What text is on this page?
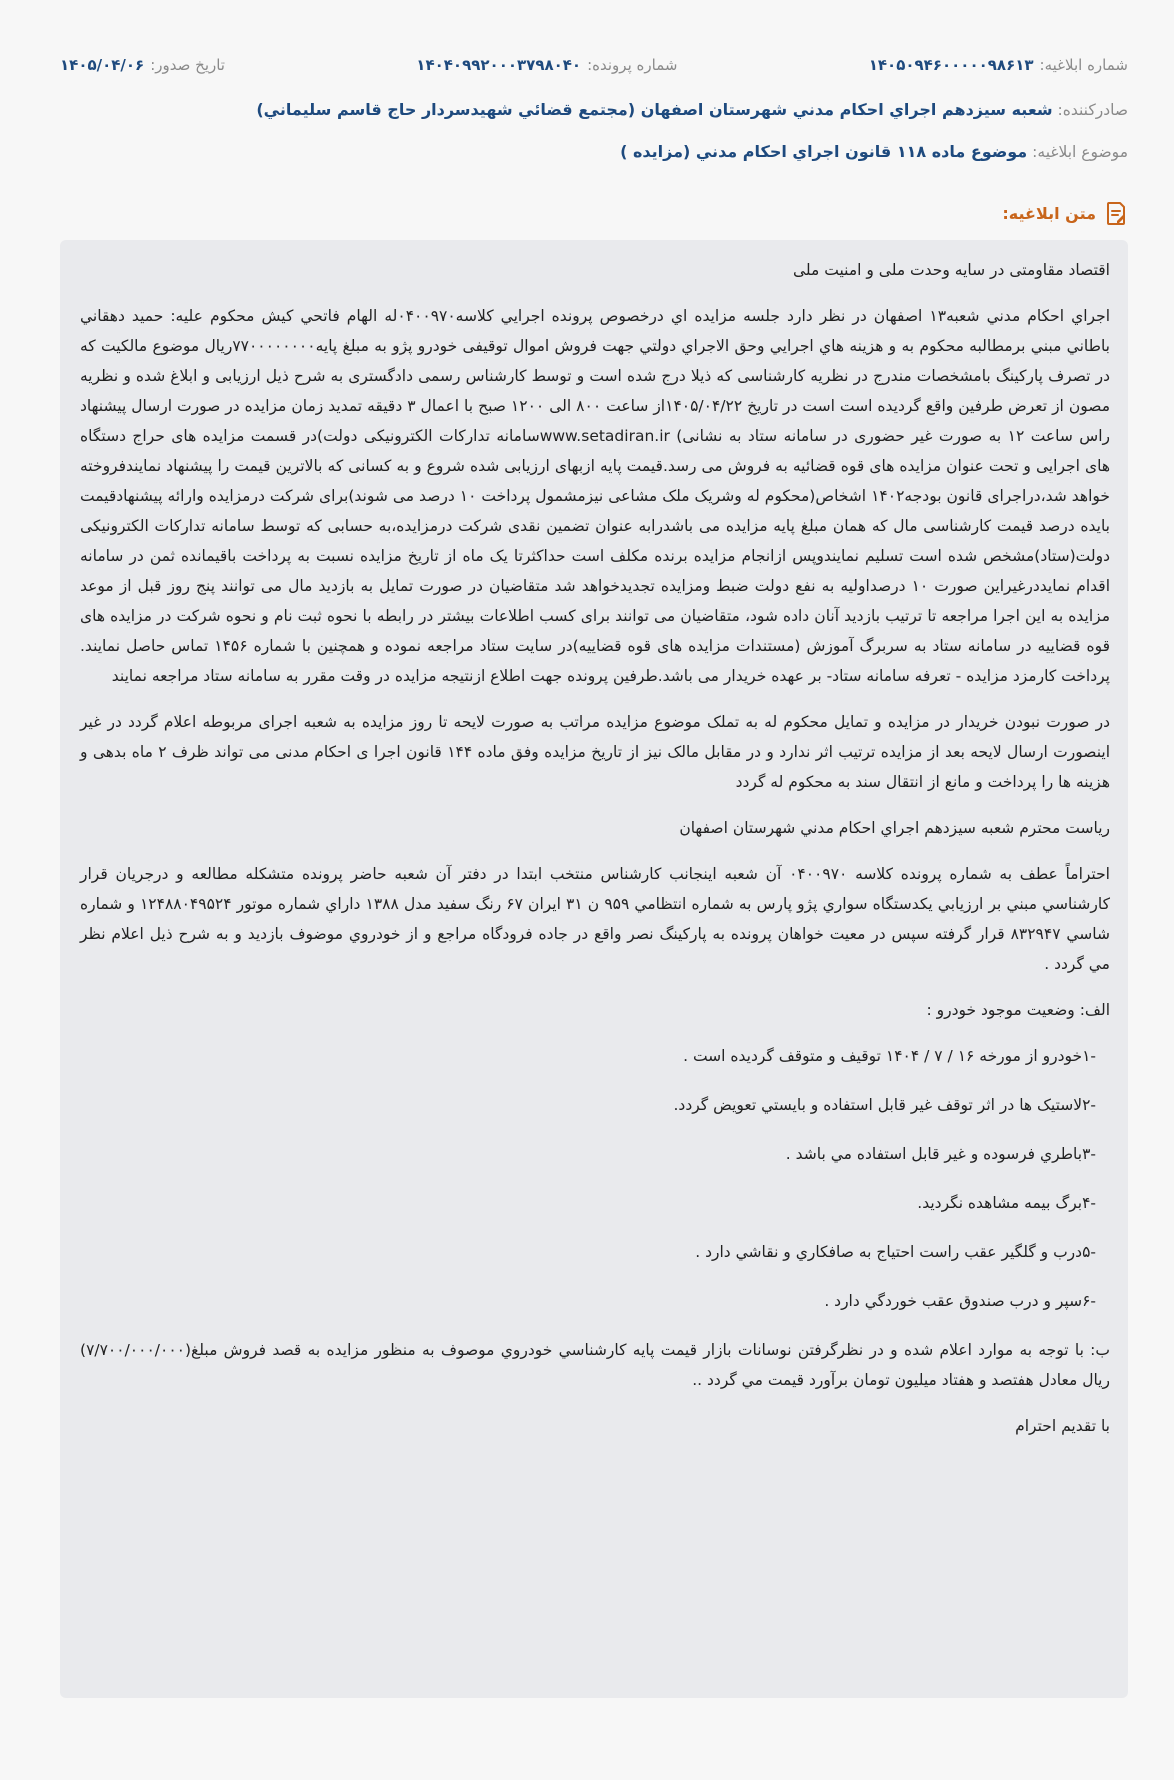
شماره ابلاغیه:
۱۴۰۵۰۹۴۶۰۰۰۰۰۹۸۶۱۳
شماره پرونده:
۱۴۰۴۰۹۹۲۰۰۰۳۷۹۸۰۴۰
تاریخ صدور:
۱۴۰۵/۰۴/۰۶
صادرکننده: شعبه سيزدهم اجراي احكام مدني شهرستان اصفهان (مجتمع قضائي شهيدسردار حاج قاسم سليماني)
موضوع ابلاغیه: موضوع ماده ۱۱۸ قانون اجراي احكام مدني (مزايده )
متن ابلاغیه:

اقتصاد مقاومتی در سایه وحدت ملی و امنیت ملی

اجراي احكام مدني شعبه۱۳ اصفهان در نظر دارد جلسه مزايده اي درخصوص پرونده اجرايي كلاسه۰۴۰۰۹۷۰له الهام فاتحي كيش محكوم عليه: حميد دهقاني باطاني مبني برمطالبه محكوم به و هزينه هاي اجرايي وحق الاجراي دولتي جهت فروش اموال توقيفی خودرو پژو به مبلغ پايه۷۷۰۰۰۰۰۰۰۰ريال موضوع مالكيت كه در تصرف پاركينگ بامشخصات مندرج در نظريه كارشناسی كه ذيلا درج شده است و توسط كارشناس رسمی دادگستری به شرح ذيل ارزيابی و ابلاغ شده و نظريه مصون از تعرض طرفين واقع گرديده است است در تاريخ ۱۴۰۵/۰۴/۲۲از ساعت ۸۰۰ الی ۱۲۰۰ صبح با اعمال ۳ دقيقه تمديد زمان مزايده در صورت ارسال پيشنهاد راس ساعت ۱۲ به صورت غير حضوری در سامانه ستاد به نشانی) www.setadiran.irسامانه تداركات الكترونيكی دولت)در قسمت مزايده های حراج دستگاه های اجرايی و تحت عنوان مزايده های قوه قضائيه به فروش می رسد.قيمت پايه ازبهای ارزيابی شده شروع و به كسانی كه بالاترين قيمت را پيشنهاد نمايندفروخته خواهد شد،دراجرای قانون بودجه۱۴۰۲ اشخاص(محكوم له وشريک ملک مشاعی نيزمشمول پرداخت ۱۰ درصد می شوند)برای شركت درمزايده وارائه پيشنهادقيمت بايده درصد قيمت كارشناسی مال كه همان مبلغ پايه مزايده می باشدرابه عنوان تضمين نقدی شركت درمزايده،به حسابی كه توسط سامانه تداركات الكترونيكی دولت(ستاد)مشخص شده است تسليم نمايندوپس ازانجام مزايده برنده مكلف است حداكثرتا يک ماه از تاريخ مزايده نسبت به پرداخت باقيمانده ثمن در سامانه اقدام نمايددرغيراين صورت ۱۰ درصداوليه به نفع دولت ضبط ومزايده تجديدخواهد شد متقاضيان در صورت تمايل به بازديد مال می توانند پنج روز قبل از موعد مزايده به اين اجرا مراجعه تا ترتيب بازديد آنان داده شود، متقاضيان می توانند برای كسب اطلاعات بيشتر در رابطه با نحوه ثبت نام و نحوه شركت در مزايده های قوه قضاييه در سامانه ستاد به سربرگ آموزش (مستندات مزايده های قوه قضاييه)در سايت ستاد مراجعه نموده و همچنين با شماره ۱۴۵۶ تماس حاصل نمايند. پرداخت كارمزد مزايده - تعرفه سامانه ستاد- بر عهده خريدار می باشد.طرفين پرونده جهت اطلاع ازنتيجه مزايده در وقت مقرر به سامانه ستاد مراجعه نمايند

در صورت نبودن خريدار در مزايده و تمايل محكوم له به تملک موضوع مزايده مراتب به صورت لايحه تا روز مزايده به شعبه اجرای مربوطه اعلام گردد در غير اينصورت ارسال لايحه بعد از مزايده ترتيب اثر ندارد و در مقابل مالک نيز از تاريخ مزايده وفق ماده ۱۴۴ قانون اجرا ی احكام مدنی می تواند ظرف ۲ ماه بدهی و هزينه ها را پرداخت و مانع از انتقال سند به محكوم له گردد

رياست محترم شعبه سيزدهم اجراي احكام مدني شهرستان اصفهان

احتراماً عطف به شماره پرونده كلاسه ۰۴۰۰۹۷۰ آن شعبه اينجانب كارشناس منتخب ابتدا در دفتر آن شعبه حاضر پرونده متشكله مطالعه و درجريان قرار كارشناسي مبني بر ارزيابي يكدستگاه سواري پژو پارس به شماره انتظامي ۹۵۹ ن ۳۱ ايران ۶۷ رنگ سفيد مدل ۱۳۸۸ داراي شماره موتور ۱۲۴۸۸۰۴۹۵۲۴ و شماره شاسي ۸۳۲۹۴۷ قرار گرفته سپس در معيت خواهان پرونده به پاركينگ نصر واقع در جاده فرودگاه مراجع و از خودروي موضوف بازديد و به شرح ذيل اعلام نظر مي گردد .

الف: وضعيت موجود خودرو :

-۱خودرو از مورخه ۱۶ / ۷ / ۱۴۰۴ توقيف و متوقف گرديده است .

-۲لاستيک ها در اثر توقف غير قابل استفاده و بايستي تعويض گردد.

-۳باطري فرسوده و غير قابل استفاده مي باشد .

-۴برگ بيمه مشاهده نگرديد.

-۵درب و گلگير عقب راست احتياج به صافكاري و نقاشي دارد .

-۶سپر و درب صندوق عقب خوردگي دارد .

ب: با توجه به موارد اعلام شده و در نظرگرفتن نوسانات بازار قيمت پايه كارشناسي خودروي موصوف به منظور مزايده به قصد فروش مبلغ(۷/۷۰۰/۰۰۰/۰۰۰) ريال معادل هفتصد و هفتاد ميليون تومان برآورد قيمت مي گردد ..

با تقديم احترام
